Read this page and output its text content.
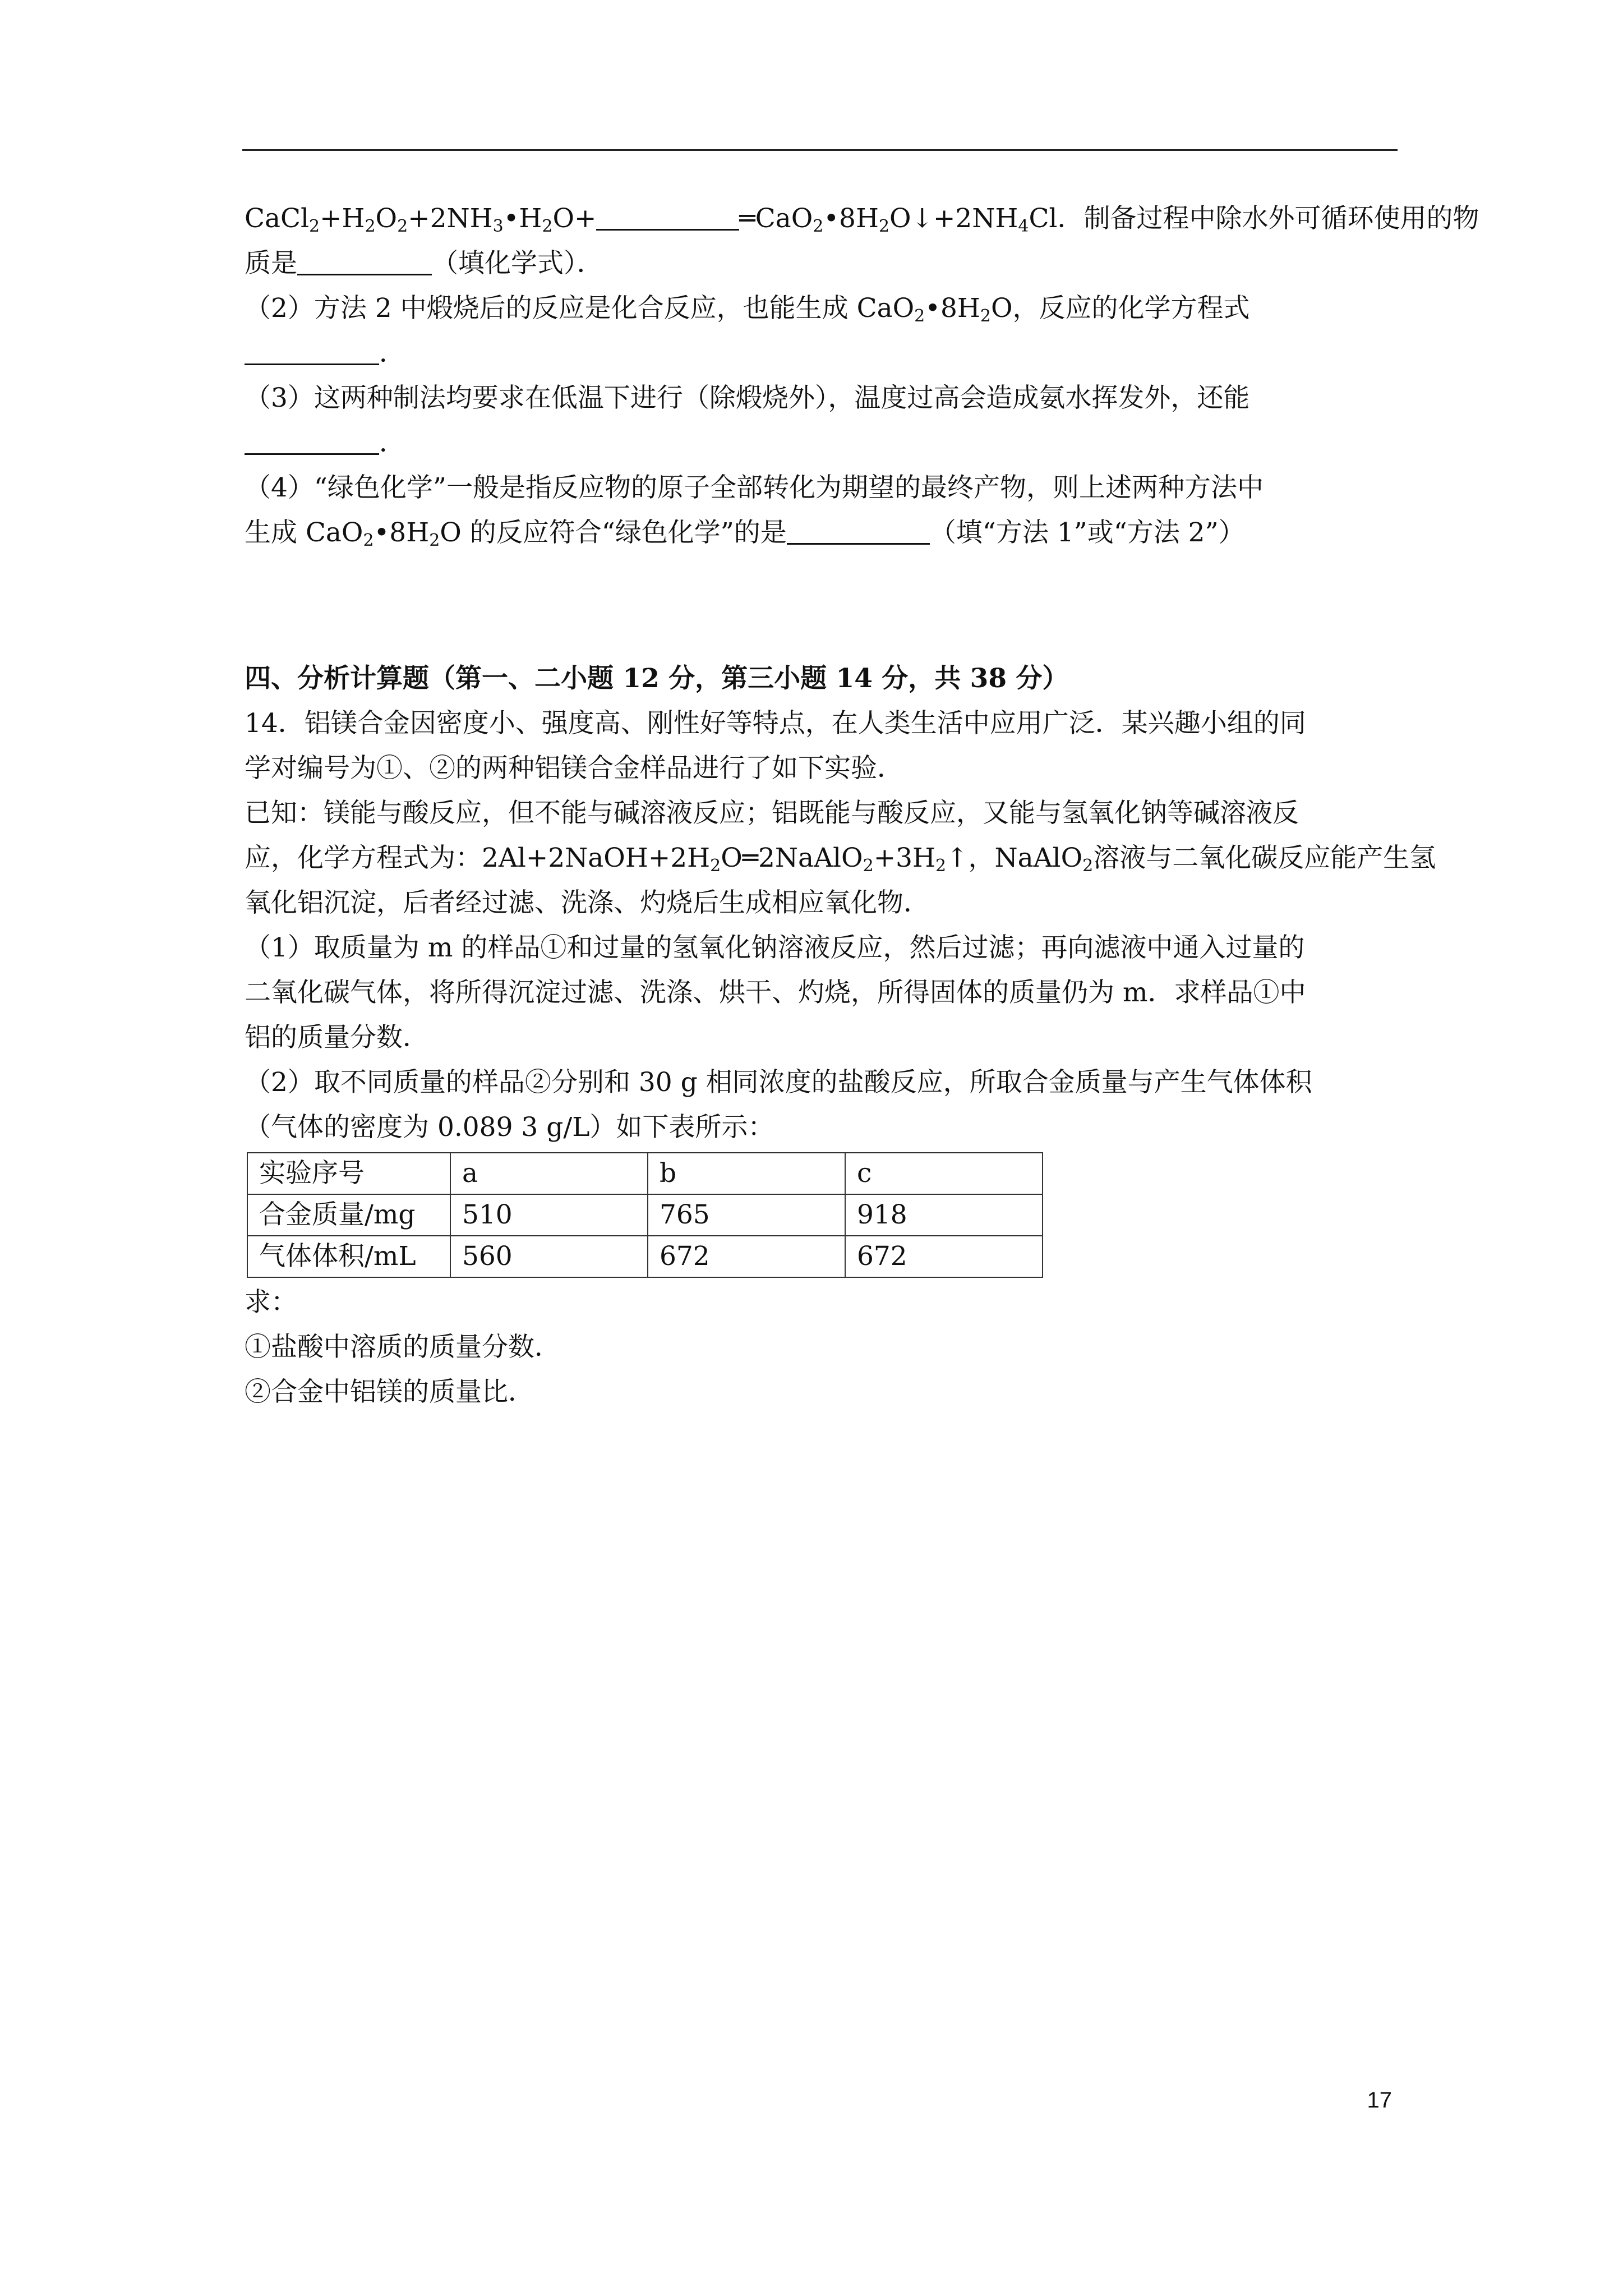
$CaCl_2+H_2O_2+2NH_3•H_2O+$	$═CaO_2•8H_2O↓+2NH_4Cl$．制备过程中除水外可循环使用的物
质是	（填化学式）．
（2）方法 2 中煅烧后的反应是化合反应，也能生成 $CaO_2•8H_2O$，反应的化学方程式
．
（3）这两种制法均要求在低温下进行（除煅烧外），温度过高会造成氨水挥发外，还能
．
（4）“绿色化学”一般是指反应物的原子全部转化为期望的最终产物，则上述两种方法中
生成 $CaO_2•8H_2O$ 的反应符合“绿色化学”的是	（填“方法 1”或“方法 2”）
四、分析计算题（第一、二小题 12 分，第三小题 14 分，共 38 分）
14．铝镁合金因密度小、强度高、刚性好等特点，在人类生活中应用广泛．某兴趣小组的同
学对编号为①、②的两种铝镁合金样品进行了如下实验．
已知：镁能与酸反应，但不能与碱溶液反应；铝既能与酸反应，又能与氢氧化钠等碱溶液反
应，化学方程式为：$2Al+2NaOH+2H_2O═2NaAlO_2+3H_2↑$，NaAlO$_2$溶液与二氧化碳反应能产生氢
氧化铝沉淀，后者经过滤、洗涤、灼烧后生成相应氧化物．
（1）取质量为 m 的样品①和过量的氢氧化钠溶液反应，然后过滤；再向滤液中通入过量的
二氧化碳气体，将所得沉淀过滤、洗涤、烘干、灼烧，所得固体的质量仍为 m．求样品①中
铝的质量分数．
（2）取不同质量的样品②分别和 30 g 相同浓度的盐酸反应，所取合金质量与产生气体体积
（气体的密度为 0.089 3 g/L）如下表所示：
实验序号	a	b	c
合金质量/mg	510	765	918
气体体积/mL	560	672	672
求：
①盐酸中溶质的质量分数．
②合金中铝镁的质量比．
17
